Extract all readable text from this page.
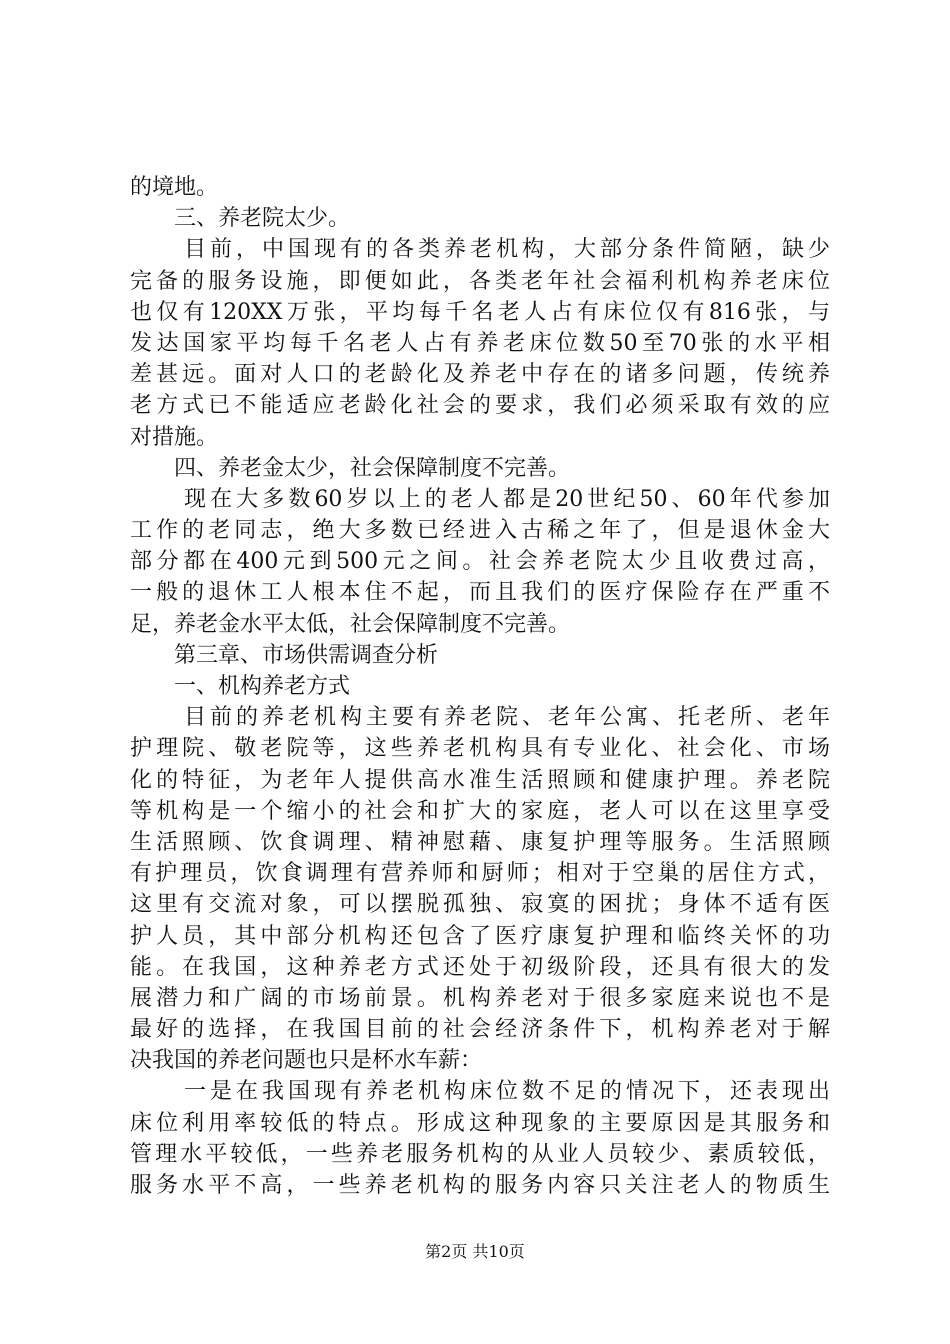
的境地。
三、养老院太少。
目前，中国现有的各类养老机构，大部分条件简陋，缺少
完备的服务设施，即便如此，各类老年社会福利机构养老床位
也仅有120XX万张，平均每千名老人占有床位仅有816张，与
发达国家平均每千名老人占有养老床位数50至70张的水平相
差甚远。面对人口的老龄化及养老中存在的诸多问题，传统养
老方式已不能适应老龄化社会的要求，我们必须采取有效的应
对措施。
四、养老金太少，社会保障制度不完善。
现在大多数60岁以上的老人都是20世纪50、60年代参加
工作的老同志，绝大多数已经进入古稀之年了，但是退休金大
部分都在400元到500元之间。社会养老院太少且收费过高，
一般的退休工人根本住不起，而且我们的医疗保险存在严重不
足，养老金水平太低，社会保障制度不完善。
第三章、市场供需调查分析
一、机构养老方式
目前的养老机构主要有养老院、老年公寓、托老所、老年
护理院、敬老院等，这些养老机构具有专业化、社会化、市场
化的特征，为老年人提供高水准生活照顾和健康护理。养老院
等机构是一个缩小的社会和扩大的家庭，老人可以在这里享受
生活照顾、饮食调理、精神慰藉、康复护理等服务。生活照顾
有护理员，饮食调理有营养师和厨师；相对于空巢的居住方式，
这里有交流对象，可以摆脱孤独、寂寞的困扰；身体不适有医
护人员，其中部分机构还包含了医疗康复护理和临终关怀的功
能。在我国，这种养老方式还处于初级阶段，还具有很大的发
展潜力和广阔的市场前景。机构养老对于很多家庭来说也不是
最好的选择，在我国目前的社会经济条件下，机构养老对于解
决我国的养老问题也只是杯水车薪：
一是在我国现有养老机构床位数不足的情况下，还表现出
床位利用率较低的特点。形成这种现象的主要原因是其服务和
管理水平较低，一些养老服务机构的从业人员较少、素质较低，
服务水平不高，一些养老机构的服务内容只关注老人的物质生
第2页 共10页
